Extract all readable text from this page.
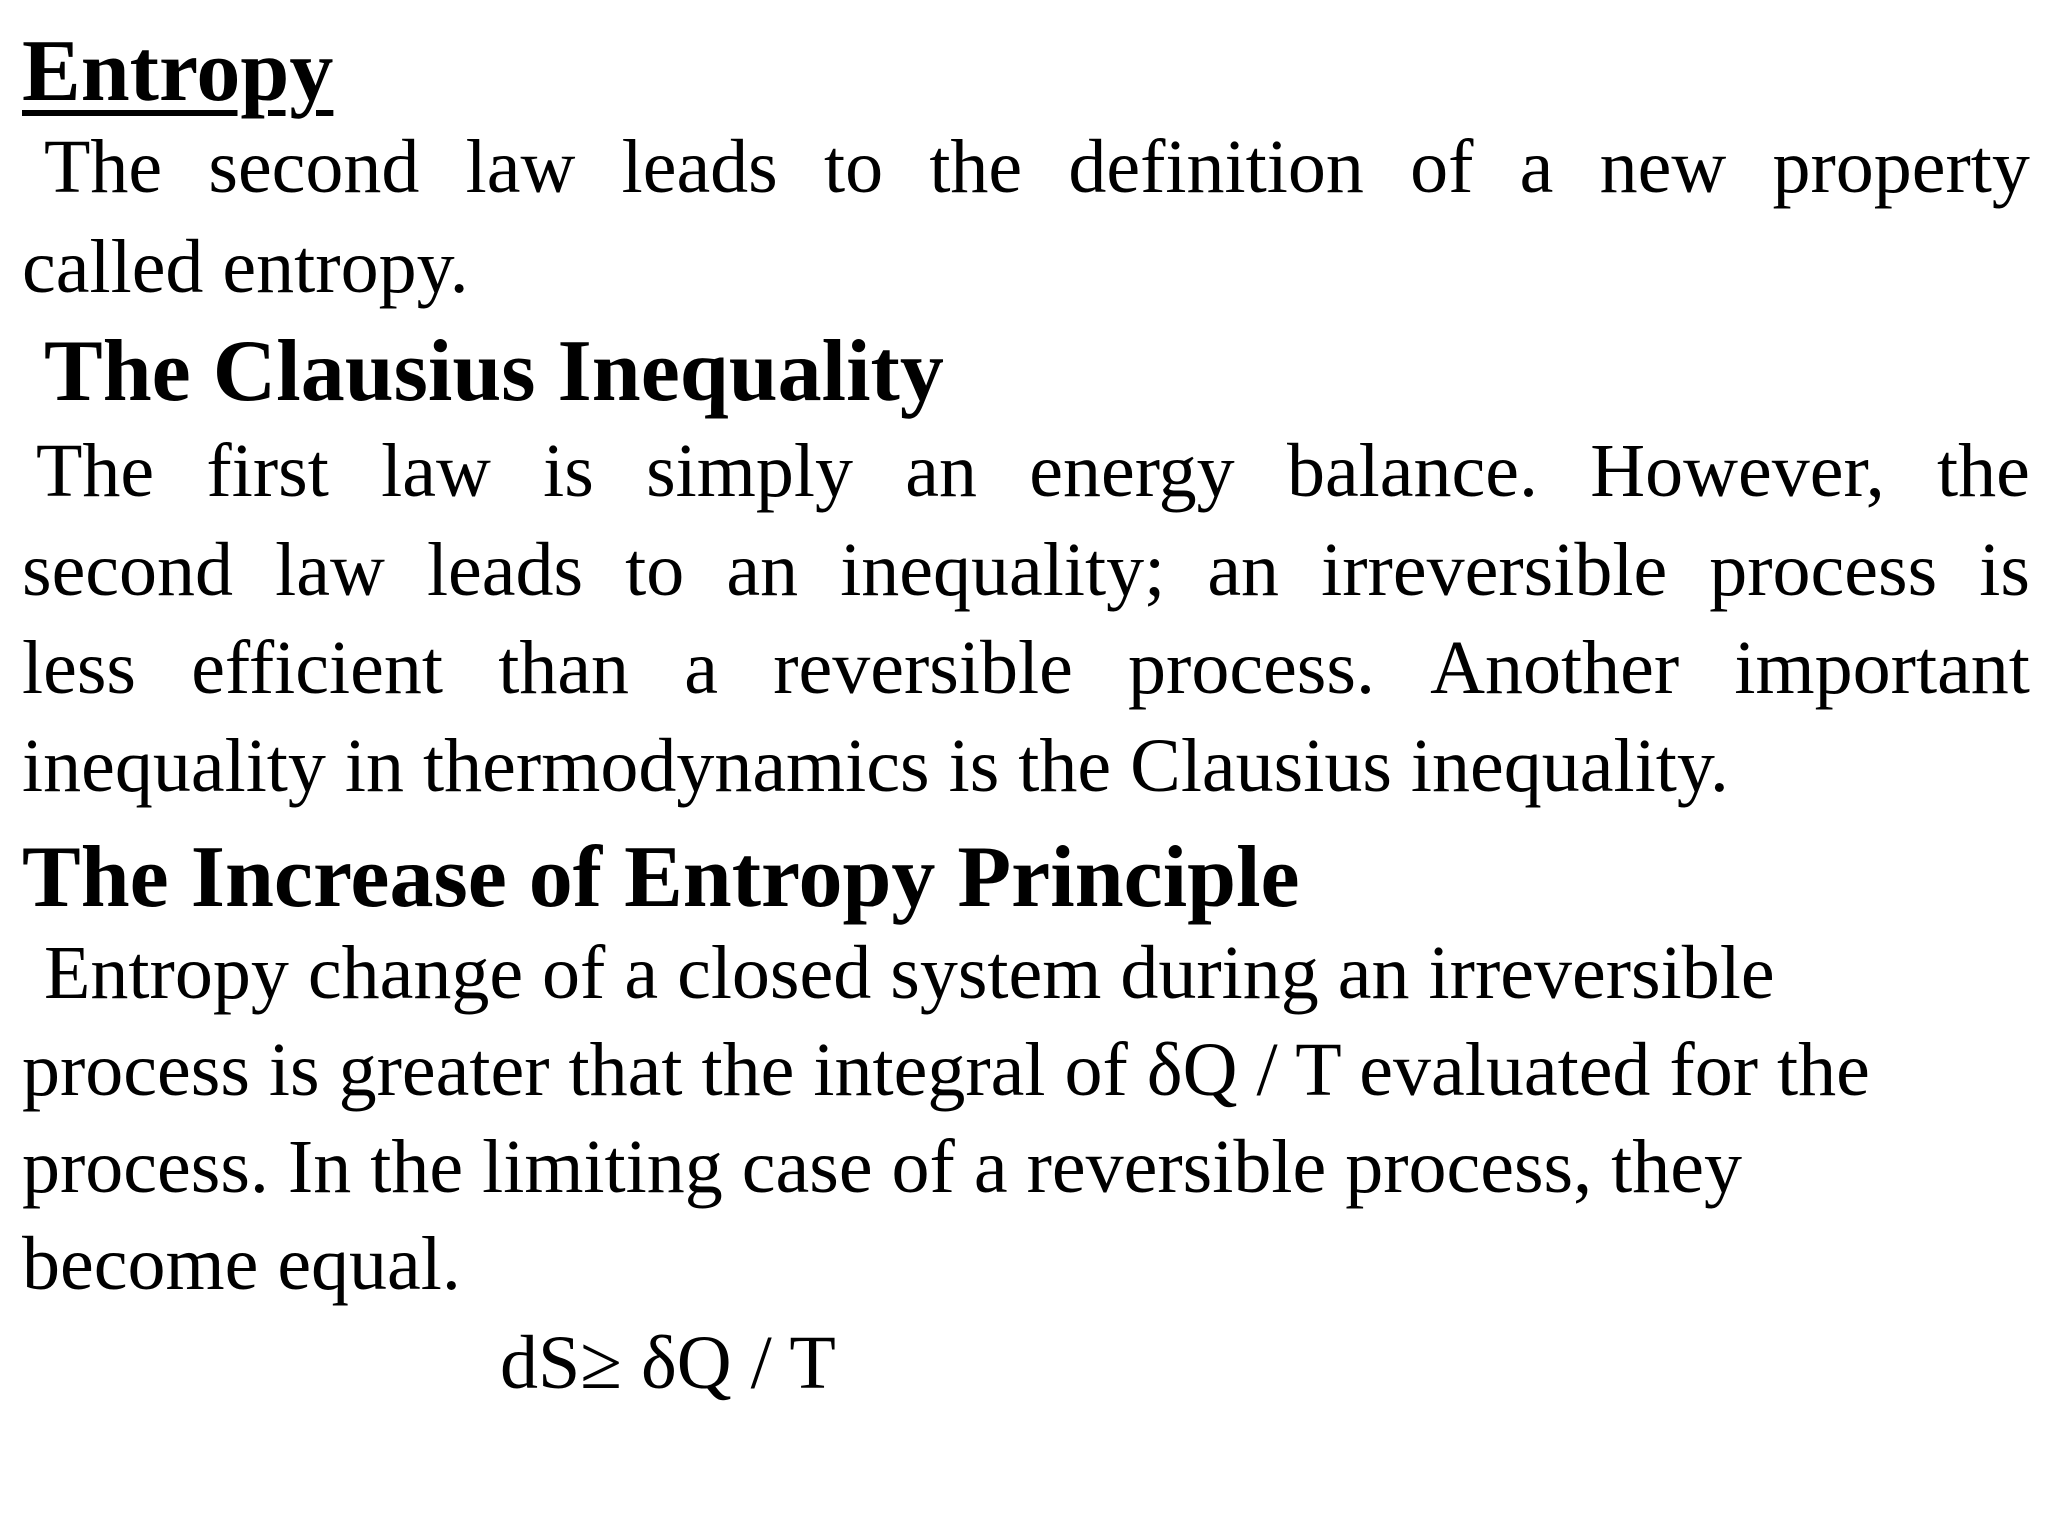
Entropy
The second law leads to the definition of a new property
called entropy.
The Clausius Inequality
The first law is simply an energy balance. However, the
second law leads to an inequality; an irreversible process is
less efficient than a reversible process. Another important
inequality in thermodynamics is the Clausius inequality.
The Increase of Entropy Principle
Entropy change of a closed system during an irreversible
process is greater that the integral of δQ / T evaluated for the
process. In the limiting case of a reversible process, they
become equal.
dS≥ δQ / T
